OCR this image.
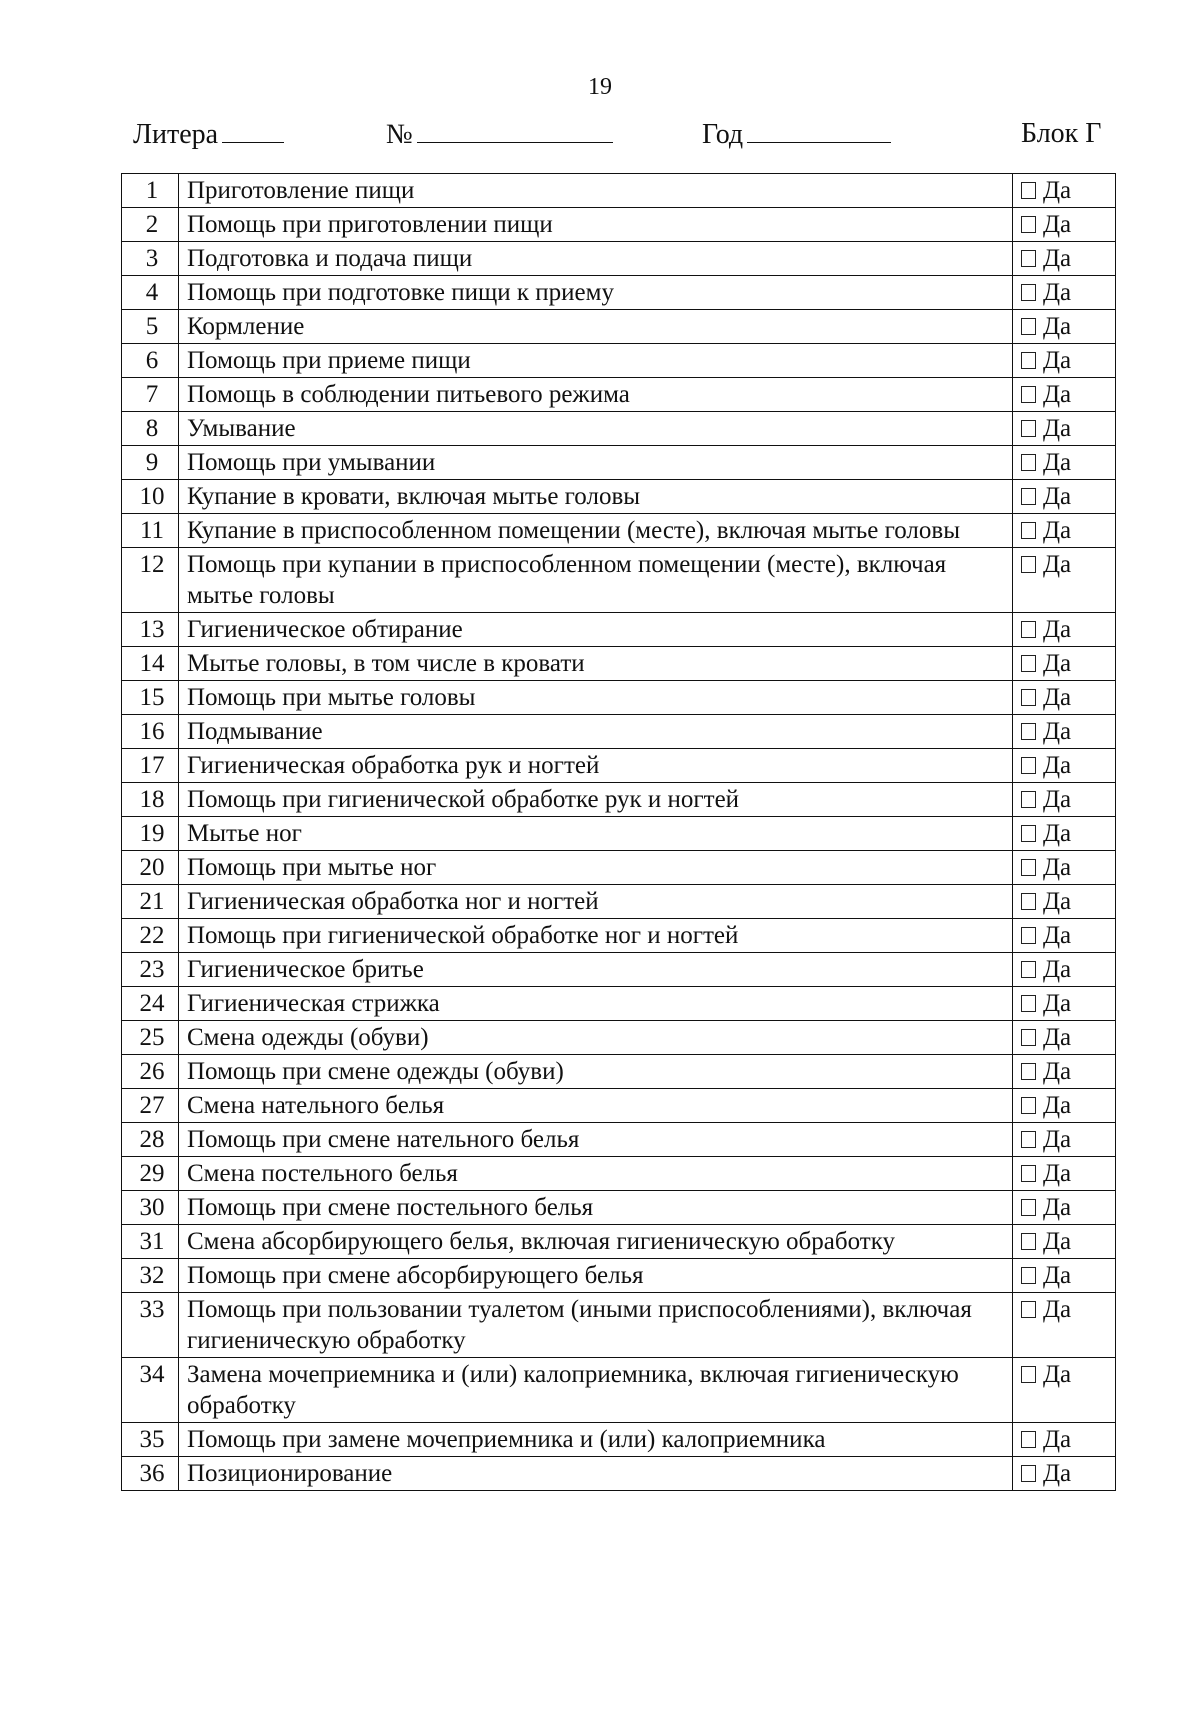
19
Литера	№	Год	Блок Г
1	Приготовление пищи	Да
2	Помощь при приготовлении пищи	Да
3	Подготовка и подача пищи	Да
4	Помощь при подготовке пищи к приему	Да
5	Кормление	Да
6	Помощь при приеме пищи	Да
7	Помощь в соблюдении питьевого режима	Да
8	Умывание	Да
9	Помощь при умывании	Да
10	Купание в кровати, включая мытье головы	Да
11	Купание в приспособленном помещении (месте), включая мытье головы	Да
12	Помощь при купании в приспособленном помещении (месте), включая мытье головы	Да
13	Гигиеническое обтирание	Да
14	Мытье головы, в том числе в кровати	Да
15	Помощь при мытье головы	Да
16	Подмывание	Да
17	Гигиеническая обработка рук и ногтей	Да
18	Помощь при гигиенической обработке рук и ногтей	Да
19	Мытье ног	Да
20	Помощь при мытье ног	Да
21	Гигиеническая обработка ног и ногтей	Да
22	Помощь при гигиенической обработке ног и ногтей	Да
23	Гигиеническое бритье	Да
24	Гигиеническая стрижка	Да
25	Смена одежды (обуви)	Да
26	Помощь при смене одежды (обуви)	Да
27	Смена нательного белья	Да
28	Помощь при смене нательного белья	Да
29	Смена постельного белья	Да
30	Помощь при смене постельного белья	Да
31	Смена абсорбирующего белья, включая гигиеническую обработку	Да
32	Помощь при смене абсорбирующего белья	Да
33	Помощь при пользовании туалетом (иными приспособлениями), включая гигиеническую обработку	Да
34	Замена мочеприемника и (или) калоприемника, включая гигиеническую обработку	Да
35	Помощь при замене мочеприемника и (или) калоприемника	Да
36	Позиционирование	Да
